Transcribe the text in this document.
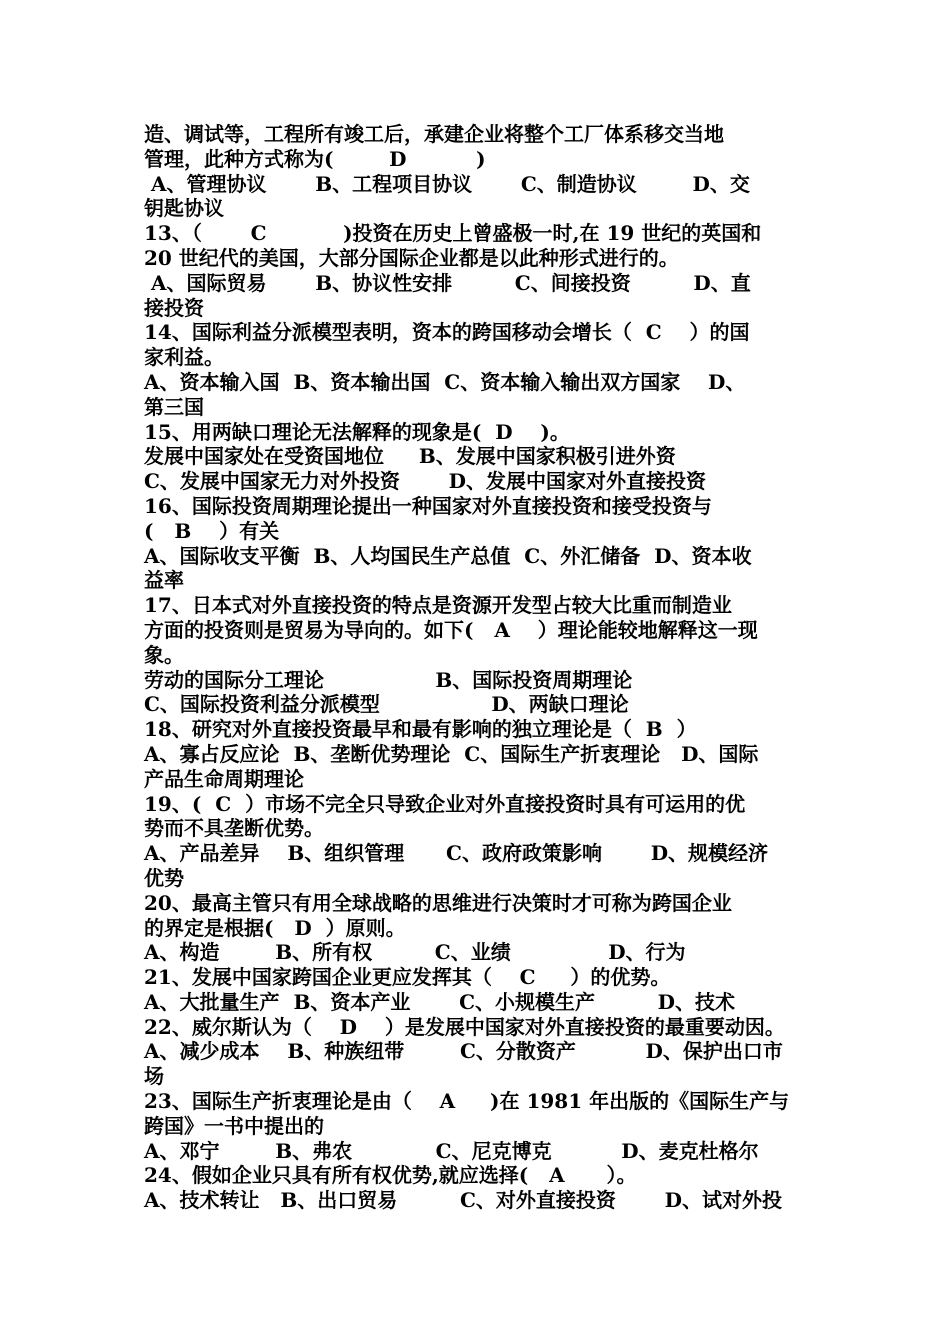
造、调试等，工程所有竣工后，承建企业将整个工厂体系移交当地
管理，此种方式称为(        D          )
A、管理协议       B、工程项目协议       C、制造协议        D、交
钥匙协议
13、（       C           )投资在历史上曾盛极一时,在 19 世纪的英国和
20 世纪代的美国，大部分国际企业都是以此种形式进行的。
A、国际贸易       B、协议性安排         C、间接投资         D、直
接投资
14、国际利益分派模型表明，资本的跨国移动会增长（  C    ）的国
家利益。
A、资本输入国  B、资本输出国  C、资本输入输出双方国家    D、
第三国
15、用两缺口理论无法解释的现象是(  D    )。
发展中国家处在受资国地位     B、发展中国家积极引进外资
C、发展中国家无力对外投资       D、发展中国家对外直接投资
16、国际投资周期理论提出一种国家对外直接投资和接受投资与
(   B    ）有关
A、国际收支平衡  B、人均国民生产总值  C、外汇储备  D、资本收
益率
17、日本式对外直接投资的特点是资源开发型占较大比重而制造业
方面的投资则是贸易为导向的。如下(   A    ）理论能较地解释这一现
象。
劳动的国际分工理论                B、国际投资周期理论
C、国际投资利益分派模型                D、两缺口理论
18、研究对外直接投资最早和最有影响的独立理论是（  B  ）
A、寡占反应论  B、垄断优势理论  C、国际生产折衷理论   D、国际
产品生命周期理论
19、(  C  ）市场不完全只导致企业对外直接投资时具有可运用的优
势而不具垄断优势。
A、产品差异    B、组织管理      C、政府政策影响       D、规模经济
优势
20、最高主管只有用全球战略的思维进行决策时才可称为跨国企业
的界定是根据(   D  ）原则。
A、构造        B、所有权         C、业绩              D、行为
21、发展中国家跨国企业更应发挥其（    C     ）的优势。
A、大批量生产  B、资本产业       C、小规模生产         D、技术
22、威尔斯认为（    D    ）是发展中国家对外直接投资的最重要动因。
A、减少成本    B、种族纽带        C、分散资产          D、保护出口市
场
23、国际生产折衷理论是由（    A     )在 1981 年出版的《国际生产与
跨国》一书中提出的
A、邓宁        B、弗农            C、尼克博克          D、麦克杜格尔
24、假如企业只具有所有权优势,就应选择(   A      ）。
A、技术转让   B、出口贸易         C、对外直接投资       D、试对外投
